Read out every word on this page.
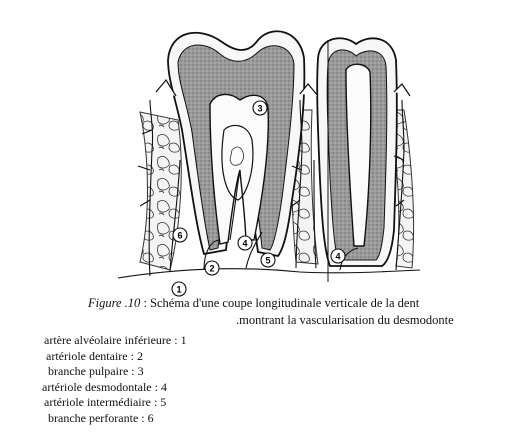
1
2
3
4
5
6
4
Figure .10 : Schéma d'une coupe longitudinale verticale de la dent
.montrant la vascularisation du desmodonte
artère alvéolaire inférieure : 1
artériole dentaire : 2
branche pulpaire : 3
artériole desmodontale : 4
artériole intermédiaire : 5
branche perforante : 6
